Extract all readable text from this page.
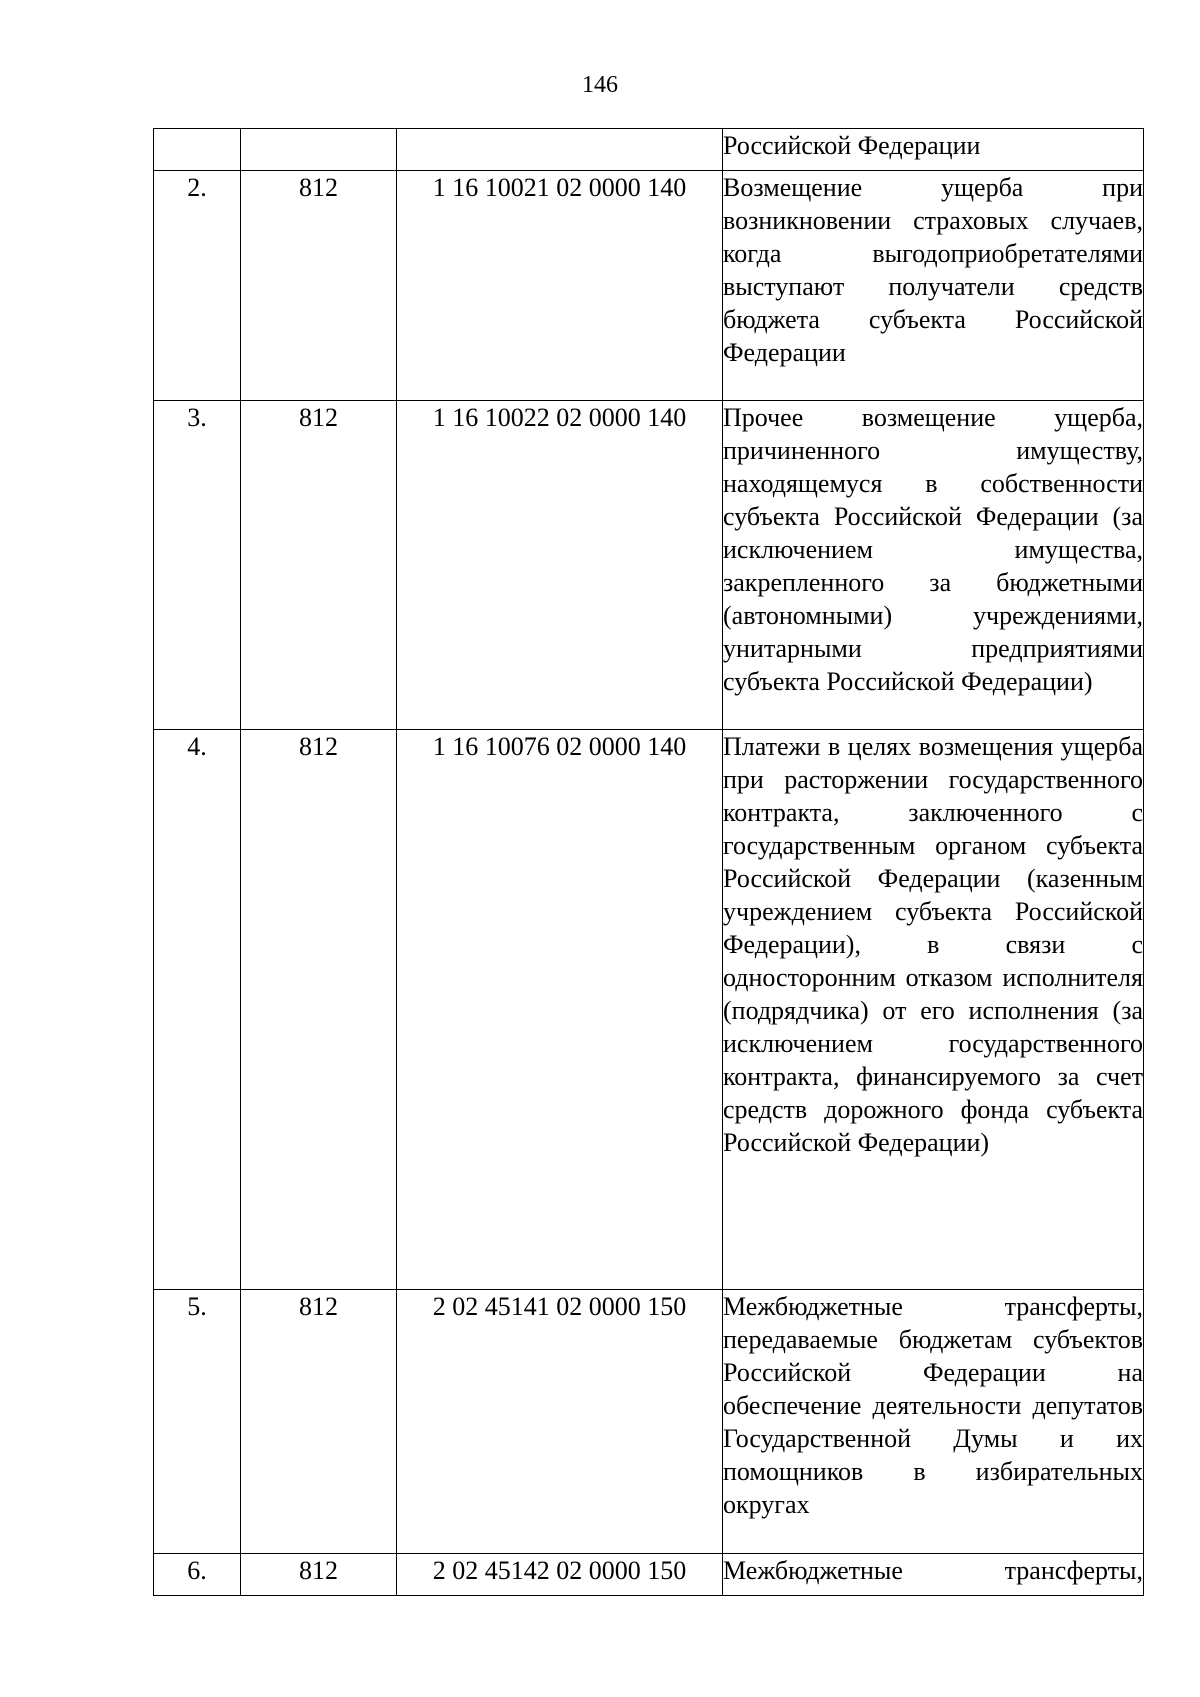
146

			Российской Федерации

2.	812	1 16 10021 02 0000 140	Возмещение ущерба при возникновении страховых случаев, когда выгодоприобретателями выступают получатели средств бюджета субъекта Российской Федерации

3.	812	1 16 10022 02 0000 140	Прочее возмещение ущерба, причиненного имуществу, находящемуся в собственности субъекта Российской Федерации (за исключением имущества, закрепленного за бюджетными (автономными) учреждениями, унитарными предприятиями субъекта Российской Федерации)

4.	812	1 16 10076 02 0000 140	Платежи в целях возмещения ущерба при расторжении государственного контракта, заключенного с государственным органом субъекта Российской Федерации (казенным учреждением субъекта Российской Федерации), в связи с односторонним отказом исполнителя (подрядчика) от его исполнения (за исключением государственного контракта, финансируемого за счет средств дорожного фонда субъекта Российской Федерации)

5.	812	2 02 45141 02 0000 150	Межбюджетные трансферты, передаваемые бюджетам субъектов Российской Федерации на обеспечение деятельности депутатов Государственной Думы и их помощников в избирательных округах

6.	812	2 02 45142 02 0000 150	Межбюджетные трансферты,
